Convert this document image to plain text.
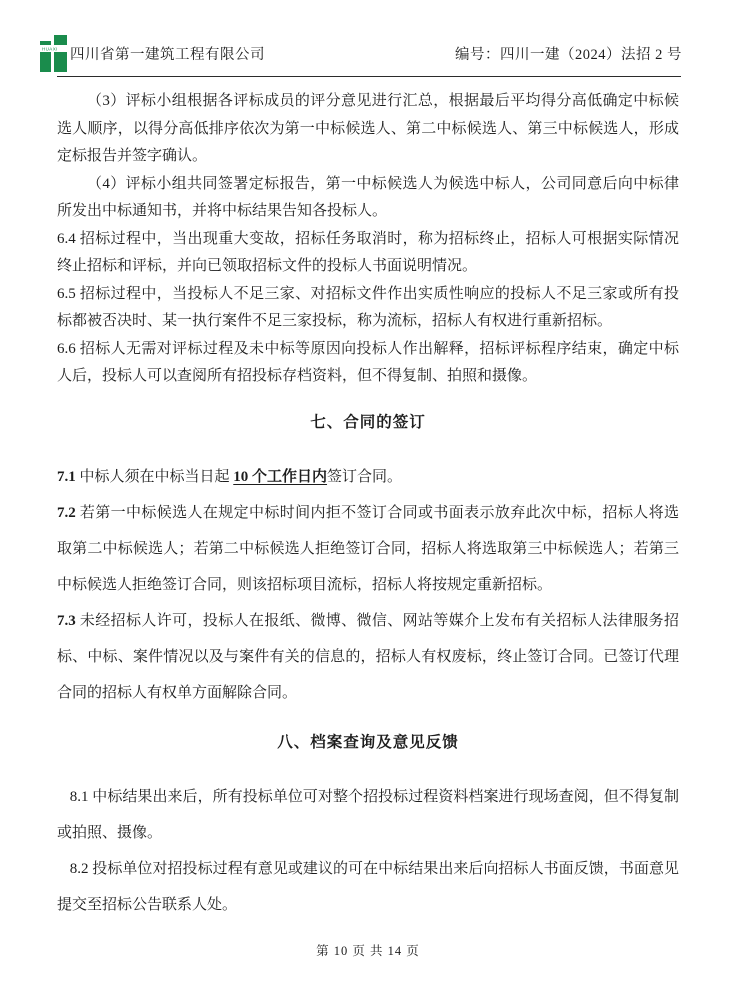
HUAXI 四川省第一建筑工程有限公司	编号：四川一建（2024）法招 2 号

（3）评标小组根据各评标成员的评分意见进行汇总，根据最后平均得分高低确定中标候选人顺序，以得分高低排序依次为第一中标候选人、第二中标候选人、第三中标候选人，形成定标报告并签字确认。

（4）评标小组共同签署定标报告，第一中标候选人为候选中标人，公司同意后向中标律所发出中标通知书，并将中标结果告知各投标人。

6.4 招标过程中，当出现重大变故，招标任务取消时，称为招标终止，招标人可根据实际情况终止招标和评标，并向已领取招标文件的投标人书面说明情况。

6.5 招标过程中，当投标人不足三家、对招标文件作出实质性响应的投标人不足三家或所有投标都被否决时、某一执行案件不足三家投标，称为流标，招标人有权进行重新招标。

6.6 招标人无需对评标过程及未中标等原因向投标人作出解释，招标评标程序结束，确定中标人后，投标人可以查阅所有招投标存档资料，但不得复制、拍照和摄像。

七、合同的签订

7.1 中标人须在中标当日起 10 个工作日内签订合同。

7.2 若第一中标候选人在规定中标时间内拒不签订合同或书面表示放弃此次中标，招标人将选取第二中标候选人；若第二中标候选人拒绝签订合同，招标人将选取第三中标候选人；若第三中标候选人拒绝签订合同，则该招标项目流标，招标人将按规定重新招标。

7.3 未经招标人许可，投标人在报纸、微博、微信、网站等媒介上发布有关招标人法律服务招标、中标、案件情况以及与案件有关的信息的，招标人有权废标，终止签订合同。已签订代理合同的招标人有权单方面解除合同。

八、档案查询及意见反馈

8.1 中标结果出来后，所有投标单位可对整个招投标过程资料档案进行现场查阅，但不得复制或拍照、摄像。

8.2 投标单位对招投标过程有意见或建议的可在中标结果出来后向招标人书面反馈，书面意见提交至招标公告联系人处。

第 10 页 共 14 页
